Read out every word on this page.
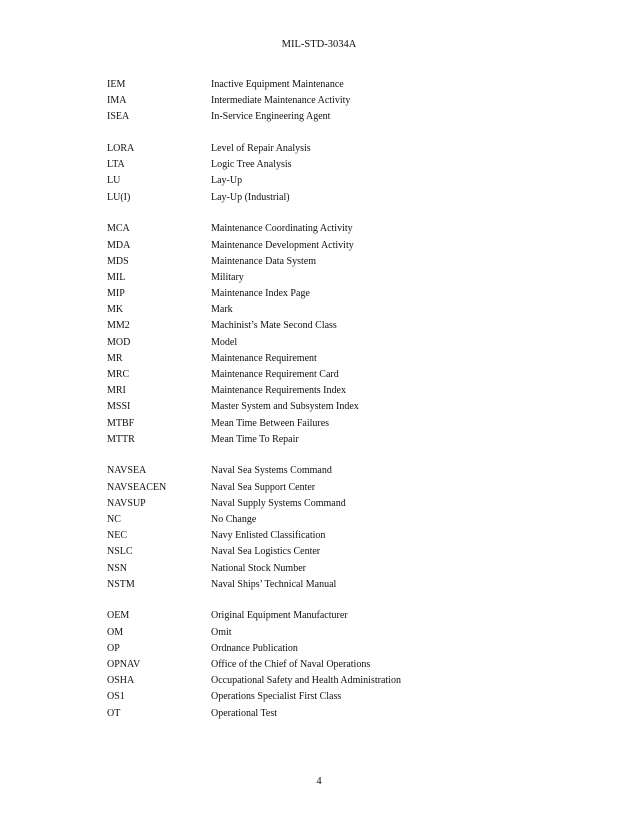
MIL-STD-3034A
IEM	Inactive Equipment Maintenance
IMA	Intermediate Maintenance Activity
ISEA	In-Service Engineering Agent
LORA	Level of Repair Analysis
LTA	Logic Tree Analysis
LU	Lay-Up
LU(I)	Lay-Up (Industrial)
MCA	Maintenance Coordinating Activity
MDA	Maintenance Development Activity
MDS	Maintenance Data System
MIL	Military
MIP	Maintenance Index Page
MK	Mark
MM2	Machinist’s Mate Second Class
MOD	Model
MR	Maintenance Requirement
MRC	Maintenance Requirement Card
MRI	Maintenance Requirements Index
MSSI	Master System and Subsystem Index
MTBF	Mean Time Between Failures
MTTR	Mean Time To Repair
NAVSEA	Naval Sea Systems Command
NAVSEACEN	Naval Sea Support Center
NAVSUP	Naval Supply Systems Command
NC	No Change
NEC	Navy Enlisted Classification
NSLC	Naval Sea Logistics Center
NSN	National Stock Number
NSTM	Naval Ships’ Technical Manual
OEM	Original Equipment Manufacturer
OM	Omit
OP	Ordnance Publication
OPNAV	Office of the Chief of Naval Operations
OSHA	Occupational Safety and Health Administration
OS1	Operations Specialist First Class
OT	Operational Test
4
